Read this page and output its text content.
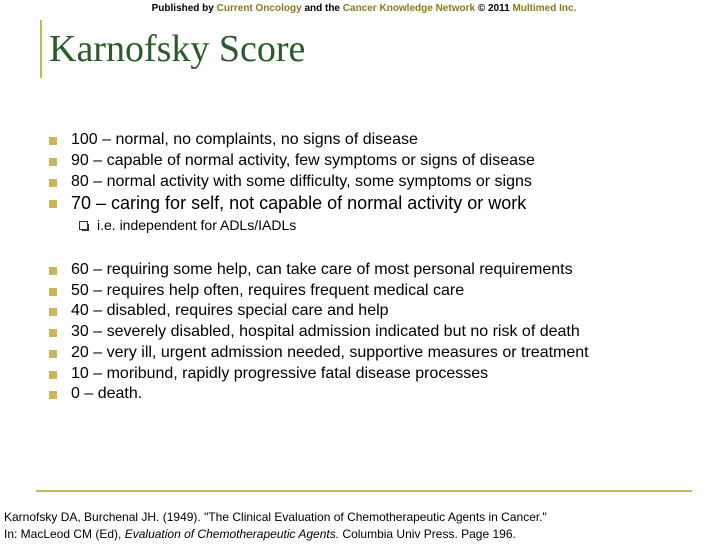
Published by Current Oncology and the Cancer Knowledge Network © 2011 Multimed Inc.
Karnofsky Score
100 – normal, no complaints, no signs of disease
90 – capable of normal activity, few symptoms or signs of disease
80 – normal activity with some difficulty, some symptoms or signs
70 – caring for self, not capable of normal activity or work
i.e. independent for ADLs/IADLs
60 – requiring some help, can take care of most personal requirements
50 – requires help often, requires frequent medical care
40 – disabled, requires special care and help
30 – severely disabled, hospital admission indicated but no risk of death
20 – very ill, urgent admission needed, supportive measures or treatment
10 – moribund, rapidly progressive fatal disease processes
0 – death.
Karnofsky DA, Burchenal JH. (1949). "The Clinical Evaluation of Chemotherapeutic Agents in Cancer."
In: MacLeod CM (Ed), Evaluation of Chemotherapeutic Agents. Columbia Univ Press. Page 196.
